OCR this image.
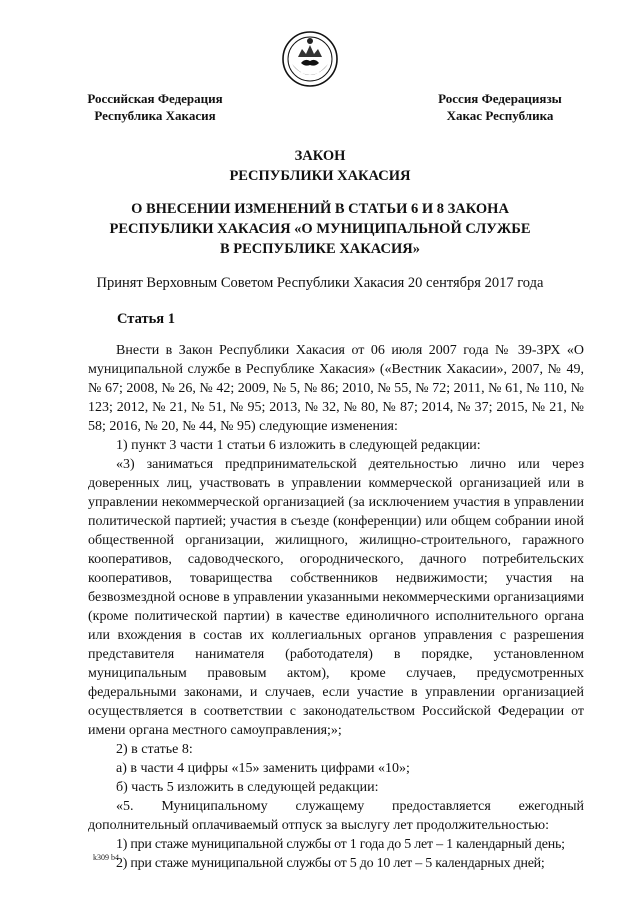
Российская Федерация
Республика Хакасия
Россия Федерациязы
Хакас Республика
ЗАКОН
РЕСПУБЛИКИ ХАКАСИЯ
О ВНЕСЕНИИ ИЗМЕНЕНИЙ В СТАТЬИ 6 И 8 ЗАКОНА
РЕСПУБЛИКИ ХАКАСИЯ «О МУНИЦИПАЛЬНОЙ СЛУЖБЕ
В РЕСПУБЛИКЕ ХАКАСИЯ»
Принят Верховным Советом Республики Хакасия 20 сентября 2017 года
Статья 1

Внести в Закон Республики Хакасия от 06 июля 2007 года № 39-ЗРХ «О муниципальной службе в Республике Хакасия» («Вестник Хакасии», 2007, № 49, № 67; 2008, № 26, № 42; 2009, № 5, № 86; 2010, № 55, № 72; 2011, № 61, № 110, № 123; 2012, № 21, № 51, № 95; 2013, № 32, № 80, № 87; 2014, № 37; 2015, № 21, № 58; 2016, № 20, № 44, № 95) следующие изменения:

1) пункт 3 части 1 статьи 6 изложить в следующей редакции:

«3) заниматься предпринимательской деятельностью лично или через доверенных лиц, участвовать в управлении коммерческой организацией или в управлении некоммерческой организацией (за исключением участия в управлении политической партией; участия в съезде (конференции) или общем собрании иной общественной организации, жилищного, жилищно-строительного, гаражного кооперативов, садоводческого, огороднического, дачного потребительских кооперативов, товарищества собственников недвижимости; участия на безвозмездной основе в управлении указанными некоммерческими организациями (кроме политической партии) в качестве единоличного исполнительного органа или вхождения в состав их коллегиальных органов управления с разрешения представителя нанимателя (работодателя) в порядке, установленном муниципальным правовым актом), кроме случаев, предусмотренных федеральными законами, и случаев, если участие в управлении организацией осуществляется в соответствии с законодательством Российской Федерации от имени органа местного самоуправления;»;

2) в статье 8:

а) в части 4 цифры «15» заменить цифрами «10»;

б) часть 5 изложить в следующей редакции:

«5. Муниципальному служащему предоставляется ежегодный дополнительный оплачиваемый отпуск за выслугу лет продолжительностью:

1) при стаже муниципальной службы от 1 года до 5 лет – 1 календарный день;

2) при стаже муниципальной службы от 5 до 10 лет – 5 календарных дней;

k309 b4
